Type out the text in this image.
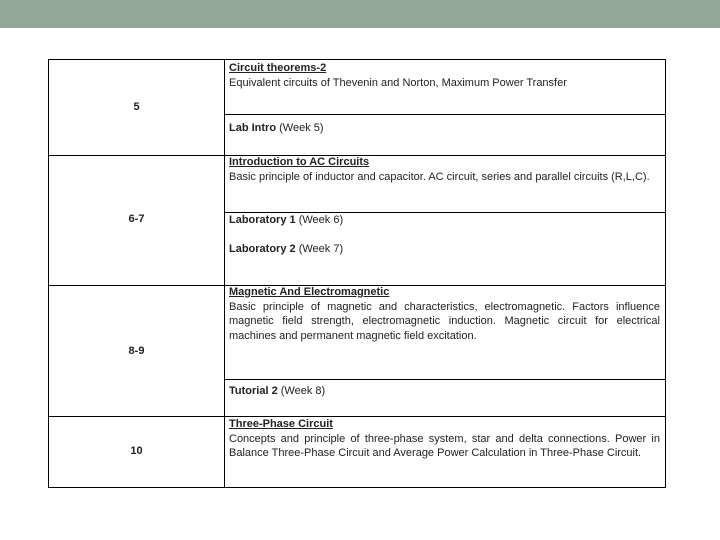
5
Circuit theorems-2
Equivalent circuits of Thevenin and Norton, Maximum Power Transfer
Lab Intro (Week 5)
6-7
Introduction to AC Circuits
Basic principle of inductor and capacitor. AC circuit, series and parallel circuits (R,L,C).
Laboratory 1 (Week 6)
Laboratory 2 (Week 7)
8-9
Magnetic And Electromagnetic
Basic principle of magnetic and characteristics, electromagnetic. Factors influence magnetic field strength, electromagnetic induction. Magnetic circuit for electrical machines and permanent magnetic field excitation.
Tutorial 2 (Week 8)
10
Three-Phase Circuit
Concepts and principle of three-phase system, star and delta connections. Power in Balance Three-Phase Circuit and Average Power Calculation in Three-Phase Circuit.
